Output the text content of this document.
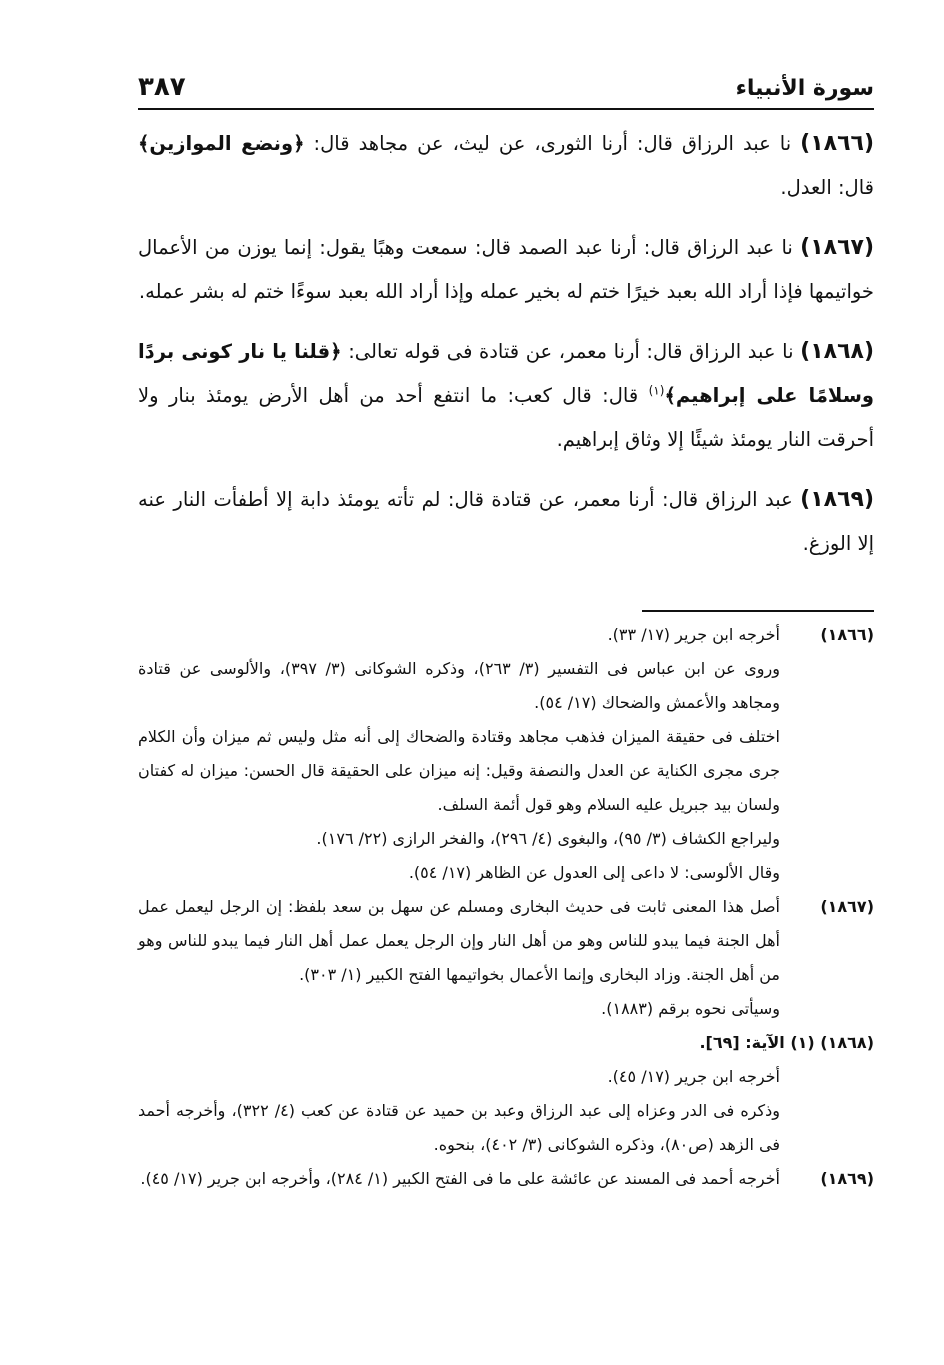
سورة الأنبياء
٣٨٧

(١٨٦٦) نا عبد الرزاق قال: أرنا الثورى، عن ليث، عن مجاهد قال: ﴿ونضع الموازين﴾ قال: العدل.

(١٨٦٧) نا عبد الرزاق قال: أرنا عبد الصمد قال: سمعت وهبًا يقول: إنما يوزن من الأعمال خواتيمها فإذا أراد الله بعبد خيرًا ختم له بخير عمله وإذا أراد الله بعبد سوءًا ختم له بشر عمله.

(١٨٦٨) نا عبد الرزاق قال: أرنا معمر، عن قتادة فى قوله تعالى: ﴿قلنا يا نار كونى بردًا وسلامًا على إبراهيم﴾$^{(١)}$ قال: قال كعب: ما انتفع أحد من أهل الأرض يومئذ بنار ولا أحرقت النار يومئذ شيئًا إلا وثاق إبراهيم.

(١٨٦٩) عبد الرزاق قال: أرنا معمر، عن قتادة قال: لم تأته يومئذ دابة إلا أطفأت النار عنه إلا الوزغ.

(١٨٦٦)

أخرجه ابن جرير (١٧/ ٣٣).

وروى عن ابن عباس فى التفسير (٣/ ٢٦٣)، وذكره الشوكانى (٣/ ٣٩٧)، والألوسى عن قتادة ومجاهد والأعمش والضحاك (١٧/ ٥٤).

اختلف فى حقيقة الميزان فذهب مجاهد وقتادة والضحاك إلى أنه مثل وليس ثم ميزان وأن الكلام جرى مجرى الكناية عن العدل والنصفة وقيل: إنه ميزان على الحقيقة قال الحسن: ميزان له كفتان ولسان بيد جبريل عليه السلام وهو قول أئمة السلف.

وليراجع الكشاف (٣/ ٩٥)، والبغوى (٤/ ٢٩٦)، والفخر الرازى (٢٢/ ١٧٦).

وقال الألوسى: لا داعى إلى العدول عن الظاهر (١٧/ ٥٤).

(١٨٦٧)

أصل هذا المعنى ثابت فى حديث البخارى ومسلم عن سهل بن سعد بلفظ: إن الرجل ليعمل عمل أهل الجنة فيما يبدو للناس وهو من أهل النار وإن الرجل يعمل عمل أهل النار فيما يبدو للناس وهو من أهل الجنة. وزاد البخارى وإنما الأعمال بخواتيمها الفتح الكبير (١/ ٣٠٣).

وسيأتى نحوه برقم (١٨٨٣).

(١٨٦٨) (١) الآية: [٦٩].

أخرجه ابن جرير (١٧/ ٤٥).

وذكره فى الدر وعزاه إلى عبد الرزاق وعبد بن حميد عن قتادة عن كعب (٤/ ٣٢٢)، وأخرجه أحمد فى الزهد (ص٨٠)، وذكره الشوكانى (٣/ ٤٠٢)، بنحوه.

(١٨٦٩)

أخرجه أحمد فى المسند عن عائشة على ما فى الفتح الكبير (١/ ٢٨٤)، وأخرجه ابن جرير (١٧/ ٤٥).
